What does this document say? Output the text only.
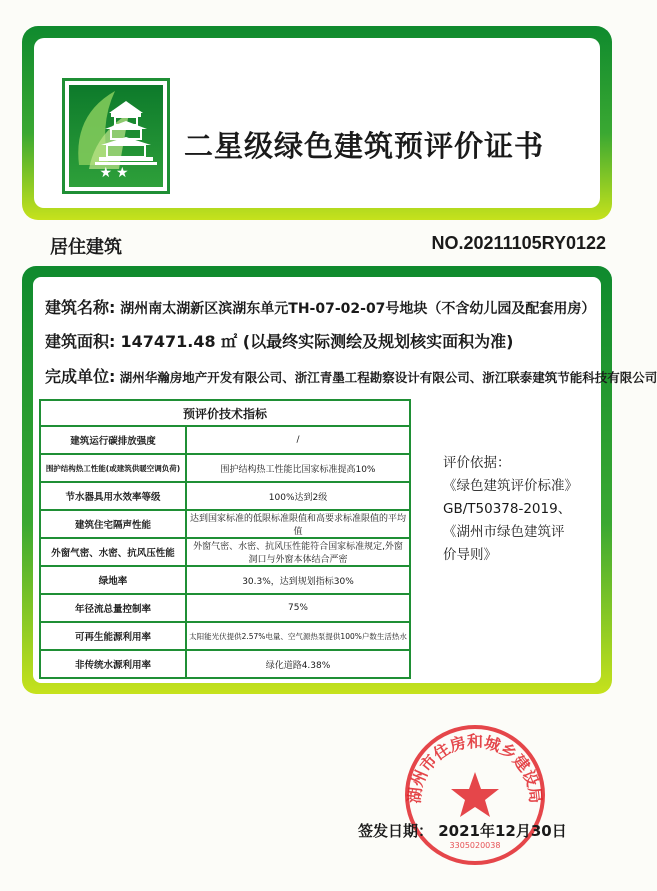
★★
二星级绿色建筑预评价证书
居住建筑	NO.20211105RY0122
建筑名称: 湖州南太湖新区滨湖东单元TH-07-02-07号地块（不含幼儿园及配套用房）
建筑面积: 147471.48 ㎡ (以最终实际测绘及规划核实面积为准)
完成单位: 湖州华瀚房地产开发有限公司、浙江青墨工程勘察设计有限公司、浙江联泰建筑节能科技有限公司
预评价技术指标	
建筑运行碳排放强度	/
围护结构热工性能(或建筑供暖空调负荷)	围护结构热工性能比国家标准提高10%
节水器具用水效率等级	100%达到2级
建筑住宅隔声性能	达到国家标准的低限标准限值和高要求标准限值的平均值
外窗气密、水密、抗风压性能	外窗气密、水密、抗风压性能符合国家标准规定,外窗洞口与外窗本体结合严密
绿地率	30.3%，达到规划指标30%
年径流总量控制率	75%
可再生能源利用率	太阳能光伏提供2.57%电量、空气源热泵提供100%户数生活热水
非传统水源利用率	绿化道路4.38%
评价依据：
《绿色建筑评价标准》
GB/T50378-2019、
《湖州市绿色建筑评
价导则》
湖州市住房和城乡建设局
3305020038
签发日期： 2021年12月30日
